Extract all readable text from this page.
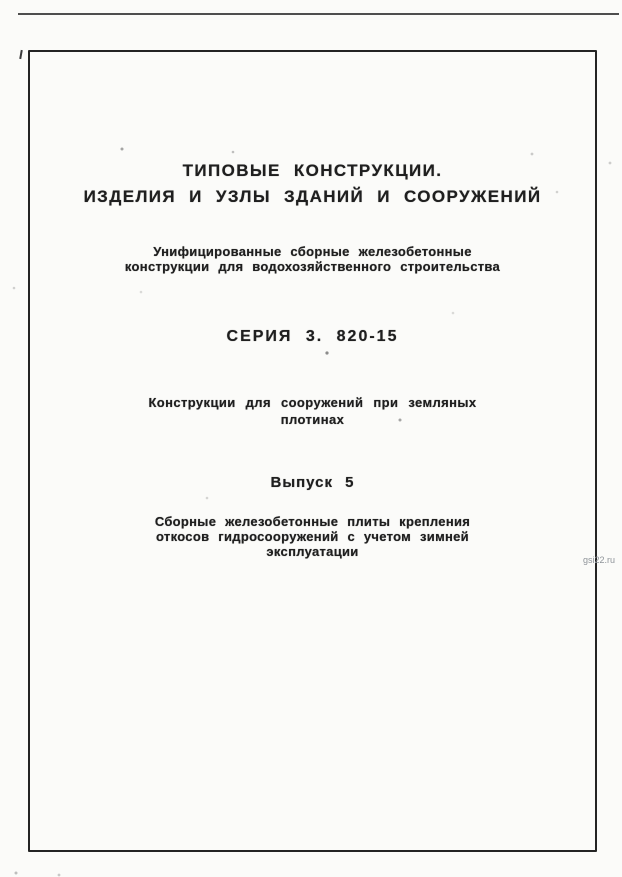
ТИПОВЫЕ КОНСТРУКЦИИ.
ИЗДЕЛИЯ И УЗЛЫ ЗДАНИЙ И СООРУЖЕНИЙ
Унифицированные сборные железобетонные
конструкции для водохозяйственного строительства
СЕРИЯ 3. 820-15
Конструкции для сооружений при земляных
плотинах
Выпуск 5
Сборные железобетонные плиты крепления
откосов гидросооружений с учетом зимней
эксплуатации
gsi22.ru
